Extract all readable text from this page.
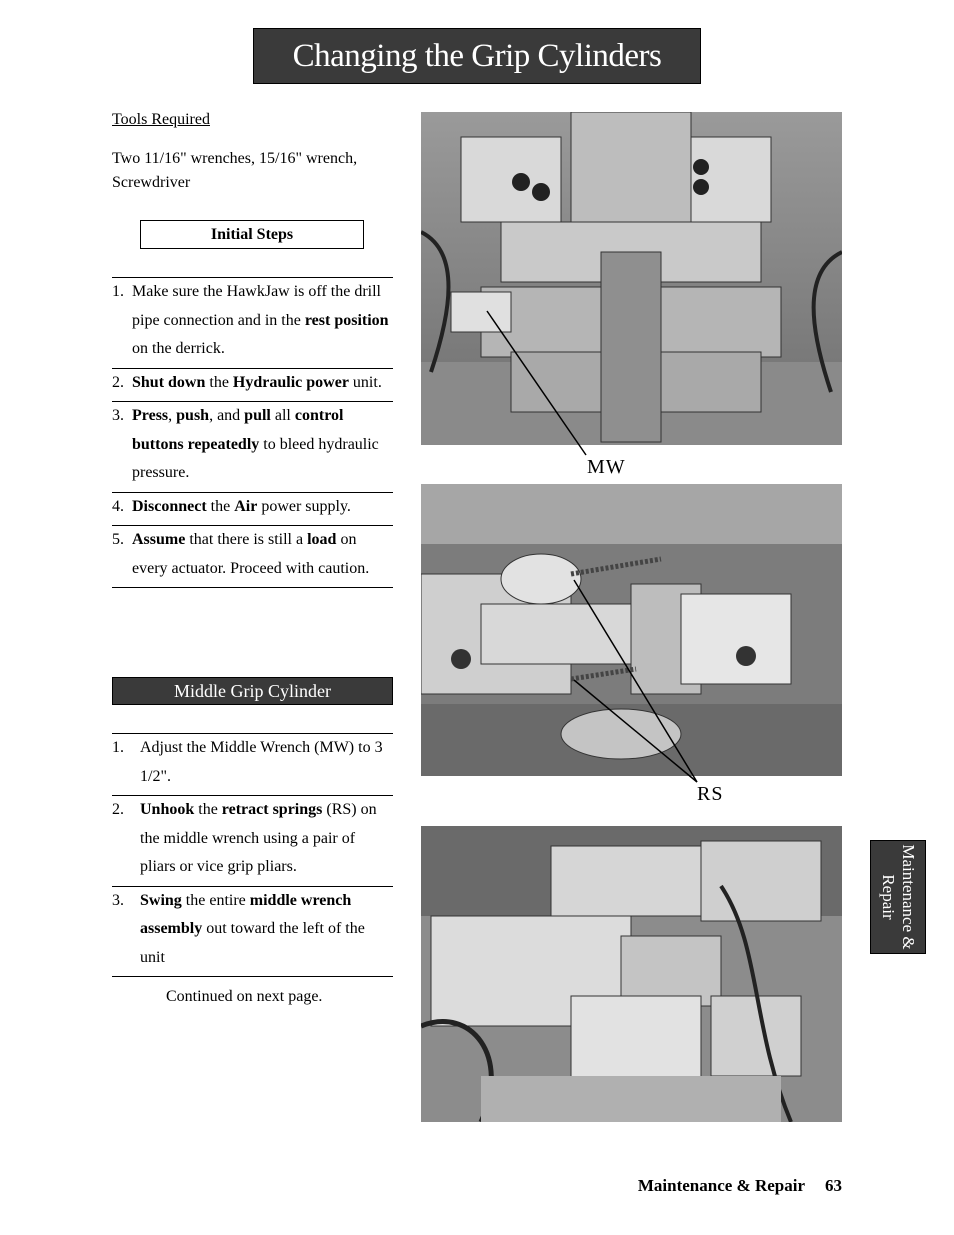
Changing the Grip Cylinders
Tools Required
Two 11/16" wrenches, 15/16" wrench, Screwdriver
Initial Steps
1. Make sure the HawkJaw is off the drill pipe connection and in the rest position on the derrick.
2. Shut down the Hydraulic power unit.
3. Press, push, and pull all control buttons repeatedly to bleed hydraulic pressure.
4. Disconnect the Air power supply.
5. Assume that there is still a load on every actuator. Proceed with caution.
Middle Grip Cylinder
1. Adjust the Middle Wrench (MW) to 3 1/2".
2. Unhook the retract springs (RS) on the middle wrench using a pair of pliars or vice grip pliars.
3. Swing the entire middle wrench assembly out toward the left of the unit
Continued on next page.
MW
RS
Maintenance & Repair
Maintenance & Repair 63
